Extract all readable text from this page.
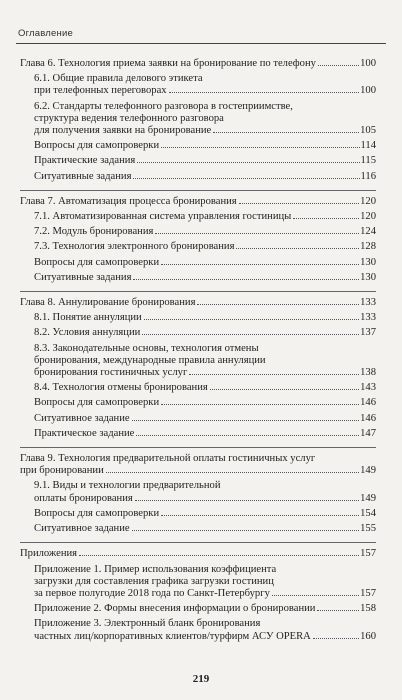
Оглавление
Глава 6. Технология приема заявки на бронирование по телефону	100
6.1. Общие правила делового этикета
при телефонных переговорах	100
6.2. Стандарты телефонного разговора в гостеприимстве,
структура ведения телефонного разговора
для получения заявки на бронирование	105
Вопросы для самопроверки	114
Практические задания	115
Ситуативные задания	116
Глава 7. Автоматизация процесса бронирования	120
7.1. Автоматизированная система управления гостиницы	120
7.2. Модуль бронирования	124
7.3. Технология электронного бронирования	128
Вопросы для самопроверки	130
Ситуативные задания	130
Глава 8. Аннулирование бронирования	133
8.1. Понятие аннуляции	133
8.2. Условия аннуляции	137
8.3. Законодательные основы, технология отмены
бронирования, международные правила аннуляции
бронирования гостиничных услуг	138
8.4. Технология отмены бронирования	143
Вопросы для самопроверки	146
Ситуативное задание	146
Практическое задание	147
Глава 9. Технология предварительной оплаты гостиничных услуг
при бронировании	149
9.1. Виды и технологии предварительной
оплаты бронирования	149
Вопросы для самопроверки	154
Ситуативное задание	155
Приложения	157
Приложение 1. Пример использования коэффициента
загрузки для составления графика загрузки гостиниц
за первое полугодие 2018 года по Санкт-Петербургу	157
Приложение 2. Формы внесения информации о бронировании	158
Приложение 3. Электронный бланк бронирования
частных лиц/корпоративных клиентов/турфирм АСУ OPERA	160
219
